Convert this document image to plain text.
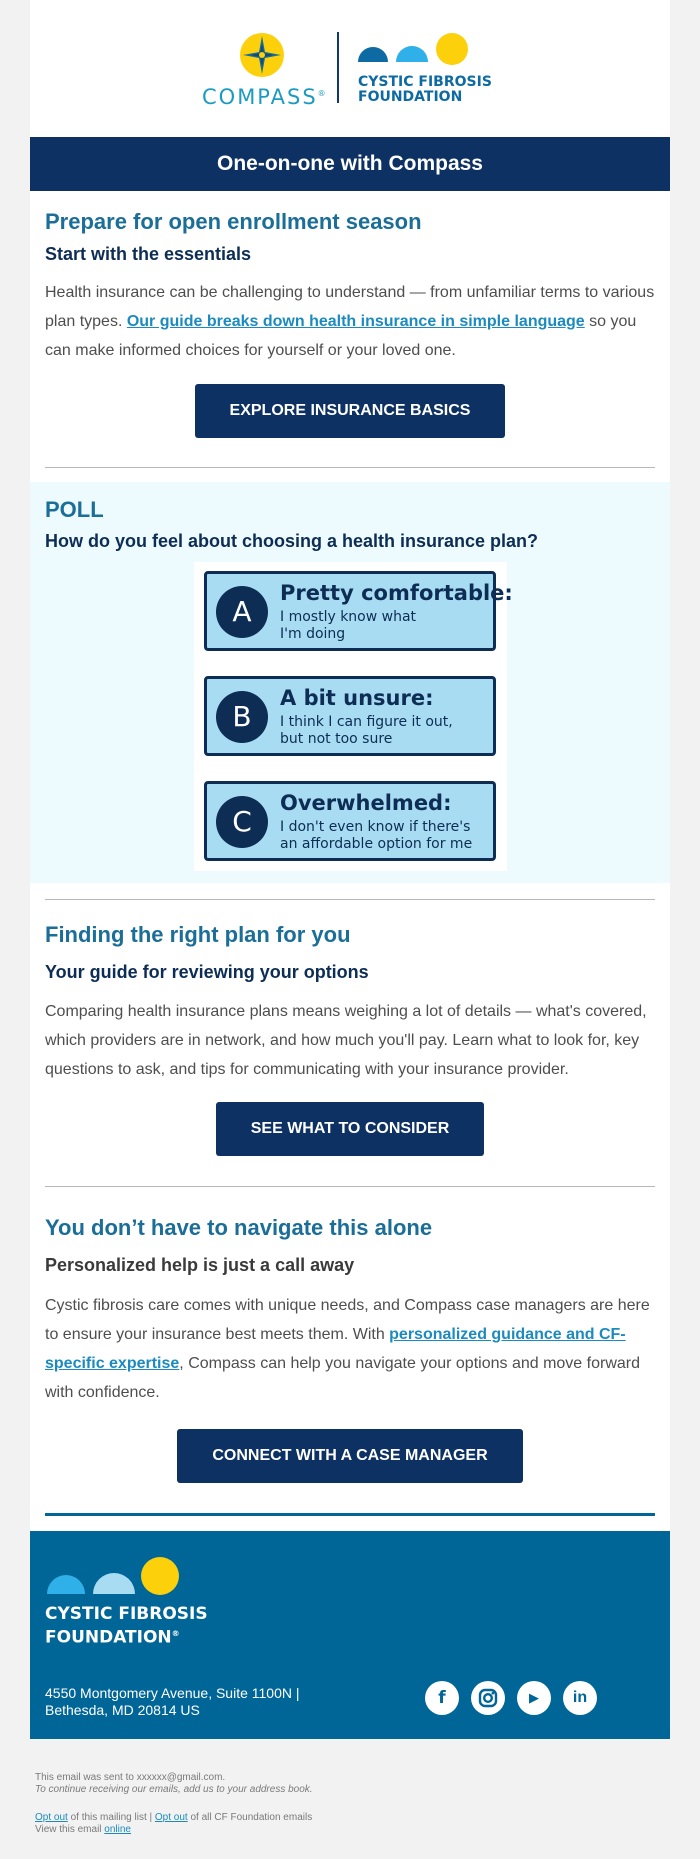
COMPASS®
CYSTIC FIBROSIS
FOUNDATION
One-on-one with Compass
Prepare for open enrollment season
Start with the essentials

Health insurance can be challenging to understand — from unfamiliar terms to various plan types. Our guide breaks down health insurance in simple language so you can make informed choices for yourself or your loved one.

EXPLORE INSURANCE BASICS
POLL
How do you feel about choosing a health insurance plan?
A
Pretty comfortable:
I mostly know what
I'm doing
B
A bit unsure:
I think I can figure it out,
but not too sure
C
Overwhelmed:
I don't even know if there's
an affordable option for me
Finding the right plan for you
Your guide for reviewing your options

Comparing health insurance plans means weighing a lot of details — what's covered, which providers are in network, and how much you'll pay. Learn what to look for, key questions to ask, and tips for communicating with your insurance provider.

SEE WHAT TO CONSIDER
You don’t have to navigate this alone
Personalized help is just a call away

Cystic fibrosis care comes with unique needs, and Compass case managers are here to ensure your insurance best meets them. With personalized guidance and CF-specific expertise, Compass can help you navigate your options and move forward with confidence.

CONNECT WITH A CASE MANAGER
CYSTIC FIBROSIS
FOUNDATION®
4550 Montgomery Avenue, Suite 1100N |
Bethesda, MD 20814 US
f	▶	in
This email was sent to xxxxxx@gmail.com.
To continue receiving our emails, add us to your address book.
Opt out of this mailing list | Opt out of all CF Foundation emails
View this email online
